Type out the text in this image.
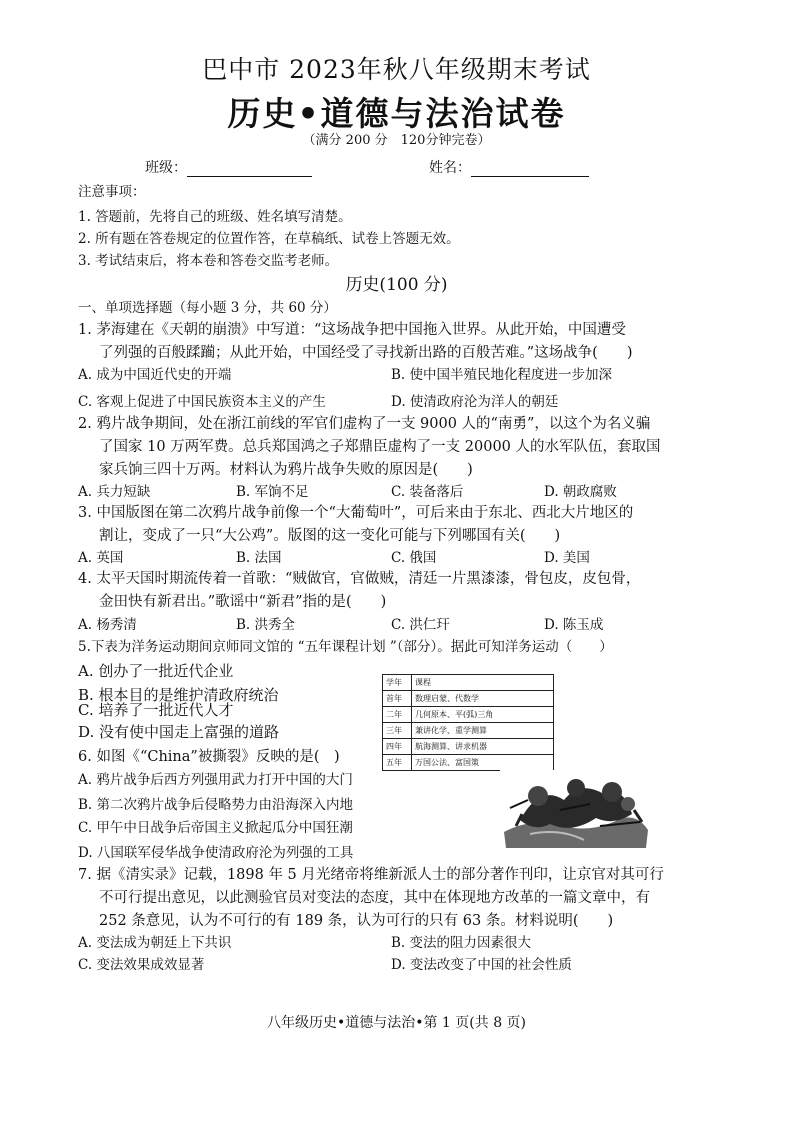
巴中市 2023年秋八年级期末考试
历史•道德与法治试卷
（满分 200 分　120分钟完卷）
班级：	姓名：
注意事项：
1. 答题前，先将自己的班级、姓名填写清楚。
2. 所有题在答卷规定的位置作答，在草稿纸、试卷上答题无效。
3. 考试结束后，将本卷和答卷交监考老师。
历史(100 分)
一、单项选择题（每小题 3 分，共 60 分）
1. 茅海建在《天朝的崩溃》中写道：“这场战争把中国拖入世界。从此开始，中国遭受
了列强的百般蹂躏；从此开始，中国经受了寻找新出路的百般苦难。”这场战争(　　)
A. 成为中国近代史的开端	B. 使中国半殖民地化程度进一步加深
C. 客观上促进了中国民族资本主义的产生	D. 使清政府沦为洋人的朝廷
2. 鸦片战争期间，处在浙江前线的军官们虚构了一支 9000 人的“南勇”，以这个为名义骗
了国家 10 万两军费。总兵郑国鸿之子郑鼎臣虚构了一支 20000 人的水军队伍，套取国
家兵饷三四十万两。材料认为鸦片战争失败的原因是(　　)
A. 兵力短缺	B. 军饷不足	C. 装备落后	D. 朝政腐败
3. 中国版图在第二次鸦片战争前像一个“大葡萄叶”，可后来由于东北、西北大片地区的
割让，变成了一只“大公鸡”。版图的这一变化可能与下列哪国有关(　　)
A. 英国	B. 法国	C. 俄国	D. 美国
4. 太平天国时期流传着一首歌：“贼做官，官做贼，清廷一片黑漆漆，骨包皮，皮包骨，
金田快有新君出。”歌谣中“新君”指的是(　　)
A. 杨秀清	B. 洪秀全	C. 洪仁玕	D. 陈玉成
5.下表为洋务运动期间京师同文馆的 “五年课程计划 ”（部分）。据此可知洋务运动（　　）
A. 创办了一批近代企业
B. 根本目的是维护清政府统治
C. 培养了一批近代人才
D. 没有使中国走上富强的道路
学年	课程
首年	数理启蒙、代数学
二年	几何原本、平(弧)三角
三年	兼讲化学、重学测算
四年	航海测算、讲求机器
五年	万国公法、富国策
6. 如图《“China”被撕裂》反映的是(　)
A. 鸦片战争后西方列强用武力打开中国的大门
B. 第二次鸦片战争后侵略势力由沿海深入内地
C. 甲午中日战争后帝国主义掀起瓜分中国狂潮
D. 八国联军侵华战争使清政府沦为列强的工具
7. 据《清实录》记载，1898 年 5 月光绪帝将维新派人士的部分著作刊印，让京官对其可行
不可行提出意见，以此测验官员对变法的态度，其中在体现地方改革的一篇文章中，有
252 条意见，认为不可行的有 189 条，认为可行的只有 63 条。材料说明(　　)
A. 变法成为朝廷上下共识	B. 变法的阻力因素很大
C. 变法效果成效显著	D. 变法改变了中国的社会性质
八年级历史•道德与法治•第 1 页(共 8 页)
